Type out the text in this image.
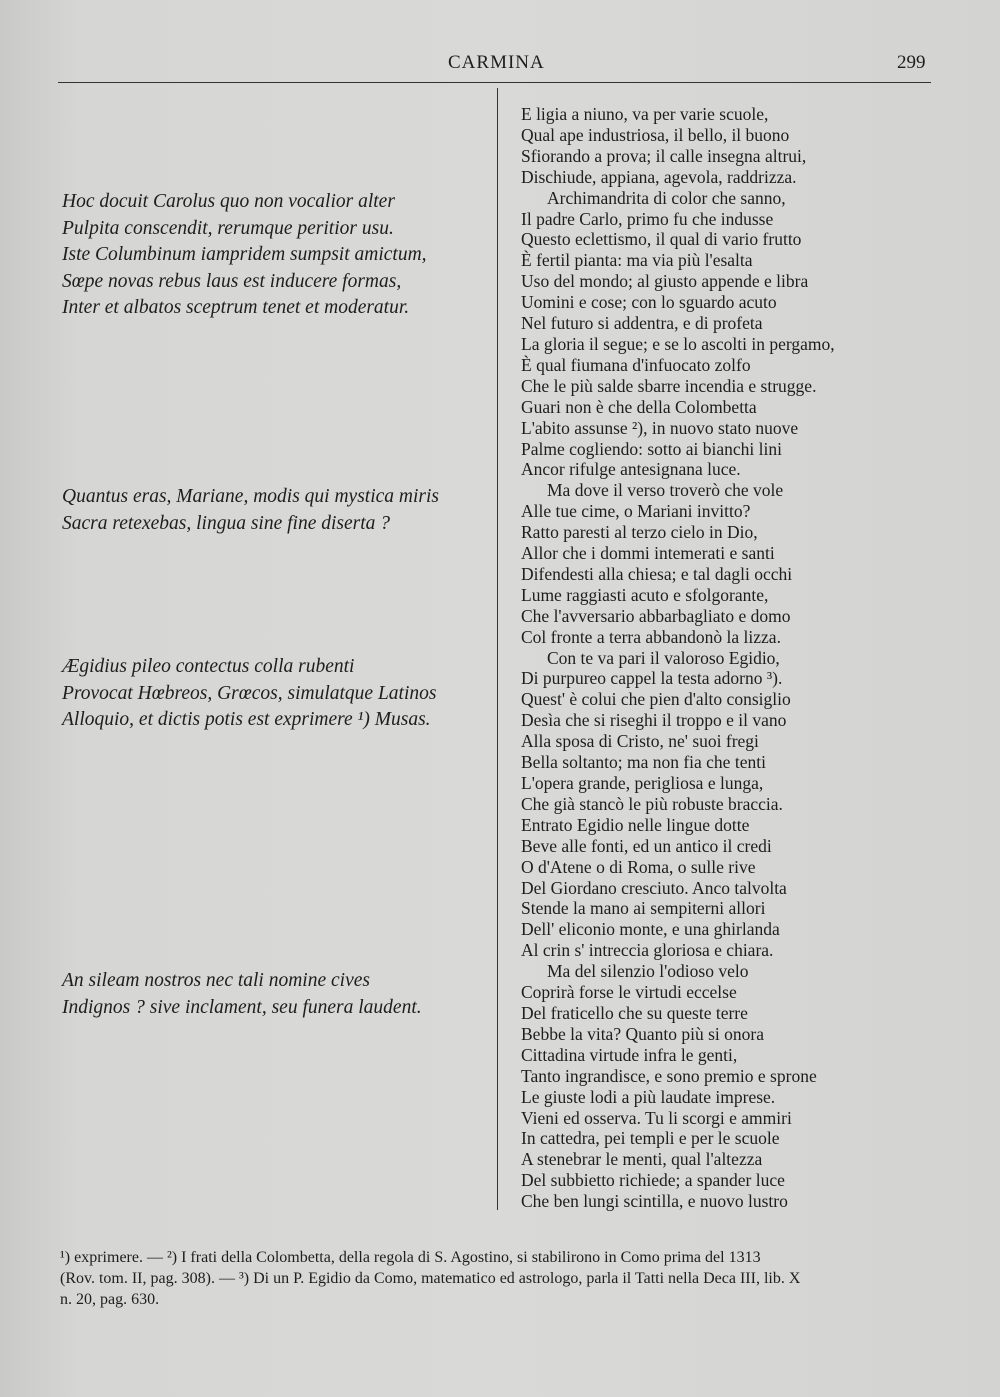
CARMINA	299
Hoc docuit Carolus quo non vocalior alter
Pulpita conscendit, rerumque peritior usu.
Iste Columbinum iampridem sumpsit amictum,
Sœpe novas rebus laus est inducere formas,
Inter et albatos sceptrum tenet et moderatur.
Quantus eras, Mariane, modis qui mystica miris
Sacra retexebas, lingua sine fine diserta ?
Ægidius pileo contectus colla rubenti
Provocat Hœbreos, Grœcos, simulatque Latinos
Alloquio, et dictis potis est exprimere ¹) Musas.
An sileam nostros nec tali nomine cives
Indignos ? sive inclament, seu funera laudent.
E ligia a niuno, va per varie scuole,
Qual ape industriosa, il bello, il buono
Sfiorando a prova; il calle insegna altrui,
Dischiude, appiana, agevola, raddrizza.
Archimandrita di color che sanno,
Il padre Carlo, primo fu che indusse
Questo eclettismo, il qual di vario frutto
È fertil pianta: ma via più l'esalta
Uso del mondo; al giusto appende e libra
Uomini e cose; con lo sguardo acuto
Nel futuro si addentra, e di profeta
La gloria il segue; e se lo ascolti in pergamo,
È qual fiumana d'infuocato zolfo
Che le più salde sbarre incendia e strugge.
Guari non è che della Colombetta
L'abito assunse ²), in nuovo stato nuove
Palme cogliendo: sotto ai bianchi lini
Ancor rifulge antesignana luce.
Ma dove il verso troverò che vole
Alle tue cime, o Mariani invitto?
Ratto paresti al terzo cielo in Dio,
Allor che i dommi intemerati e santi
Difendesti alla chiesa; e tal dagli occhi
Lume raggiasti acuto e sfolgorante,
Che l'avversario abbarbagliato e domo
Col fronte a terra abbandonò la lizza.
Con te va pari il valoroso Egidio,
Di purpureo cappel la testa adorno ³).
Quest' è colui che pien d'alto consiglio
Desìa che si riseghi il troppo e il vano
Alla sposa di Cristo, ne' suoi fregi
Bella soltanto; ma non fia che tenti
L'opera grande, perigliosa e lunga,
Che già stancò le più robuste braccia.
Entrato Egidio nelle lingue dotte
Beve alle fonti, ed un antico il credi
O d'Atene o di Roma, o sulle rive
Del Giordano cresciuto. Anco talvolta
Stende la mano ai sempiterni allori
Dell' eliconio monte, e una ghirlanda
Al crin s' intreccia gloriosa e chiara.
Ma del silenzio l'odioso velo
Coprirà forse le virtudi eccelse
Del fraticello che su queste terre
Bebbe la vita? Quanto più si onora
Cittadina virtude infra le genti,
Tanto ingrandisce, e sono premio e sprone
Le giuste lodi a più laudate imprese.
Vieni ed osserva. Tu li scorgi e ammiri
In cattedra, pei templi e per le scuole
A stenebrar le menti, qual l'altezza
Del subbietto richiede; a spander luce
Che ben lungi scintilla, e nuovo lustro
¹) exprimere. — ²) I frati della Colombetta, della regola di S. Agostino, si stabilirono in Como prima del 1313
(Rov. tom. II, pag. 308). — ³) Di un P. Egidio da Como, matematico ed astrologo, parla il Tatti nella Deca III, lib. X
n. 20, pag. 630.
